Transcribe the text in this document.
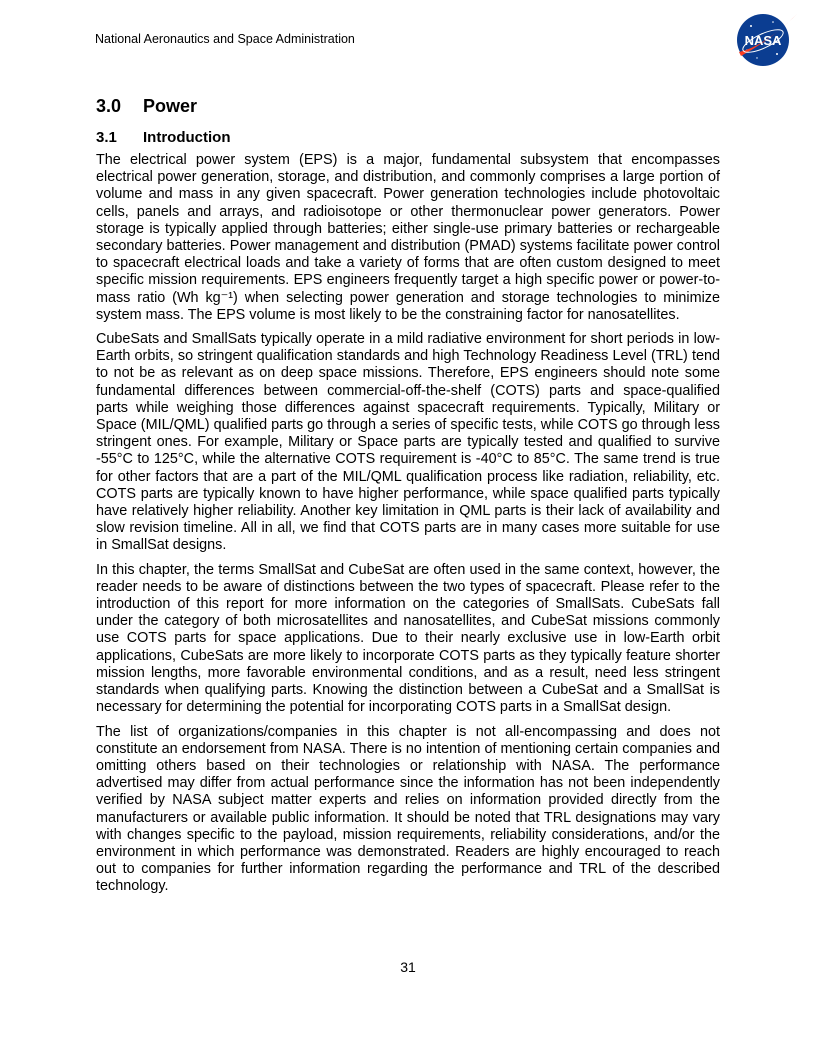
National Aeronautics and Space Administration	NASA
3.0	Power
3.1	Introduction

The electrical power system (EPS) is a major, fundamental subsystem that encompasses electrical power generation, storage, and distribution, and commonly comprises a large portion of volume and mass in any given spacecraft. Power generation technologies include photovoltaic cells, panels and arrays, and radioisotope or other thermonuclear power generators. Power storage is typically applied through batteries; either single-use primary batteries or rechargeable secondary batteries. Power management and distribution (PMAD) systems facilitate power control to spacecraft electrical loads and take a variety of forms that are often custom designed to meet specific mission requirements. EPS engineers frequently target a high specific power or power-to-mass ratio (Wh kg⁻¹) when selecting power generation and storage technologies to minimize system mass. The EPS volume is most likely to be the constraining factor for nanosatellites.

CubeSats and SmallSats typically operate in a mild radiative environment for short periods in low-Earth orbits, so stringent qualification standards and high Technology Readiness Level (TRL) tend to not be as relevant as on deep space missions. Therefore, EPS engineers should note some fundamental differences between commercial-off-the-shelf (COTS) parts and space-qualified parts while weighing those differences against spacecraft requirements. Typically, Military or Space (MIL/QML) qualified parts go through a series of specific tests, while COTS go through less stringent ones. For example, Military or Space parts are typically tested and qualified to survive -55°C to 125°C, while the alternative COTS requirement is -40°C to 85°C. The same trend is true for other factors that are a part of the MIL/QML qualification process like radiation, reliability, etc. COTS parts are typically known to have higher performance, while space qualified parts typically have relatively higher reliability. Another key limitation in QML parts is their lack of availability and slow revision timeline. All in all, we find that COTS parts are in many cases more suitable for use in SmallSat designs.

In this chapter, the terms SmallSat and CubeSat are often used in the same context, however, the reader needs to be aware of distinctions between the two types of spacecraft. Please refer to the introduction of this report for more information on the categories of SmallSats. CubeSats fall under the category of both microsatellites and nanosatellites, and CubeSat missions commonly use COTS parts for space applications. Due to their nearly exclusive use in low-Earth orbit applications, CubeSats are more likely to incorporate COTS parts as they typically feature shorter mission lengths, more favorable environmental conditions, and as a result, need less stringent standards when qualifying parts. Knowing the distinction between a CubeSat and a SmallSat is necessary for determining the potential for incorporating COTS parts in a SmallSat design.

The list of organizations/companies in this chapter is not all-encompassing and does not constitute an endorsement from NASA. There is no intention of mentioning certain companies and omitting others based on their technologies or relationship with NASA. The performance advertised may differ from actual performance since the information has not been independently verified by NASA subject matter experts and relies on information provided directly from the manufacturers or available public information. It should be noted that TRL designations may vary with changes specific to the payload, mission requirements, reliability considerations, and/or the environment in which performance was demonstrated. Readers are highly encouraged to reach out to companies for further information regarding the performance and TRL of the described technology.

31
